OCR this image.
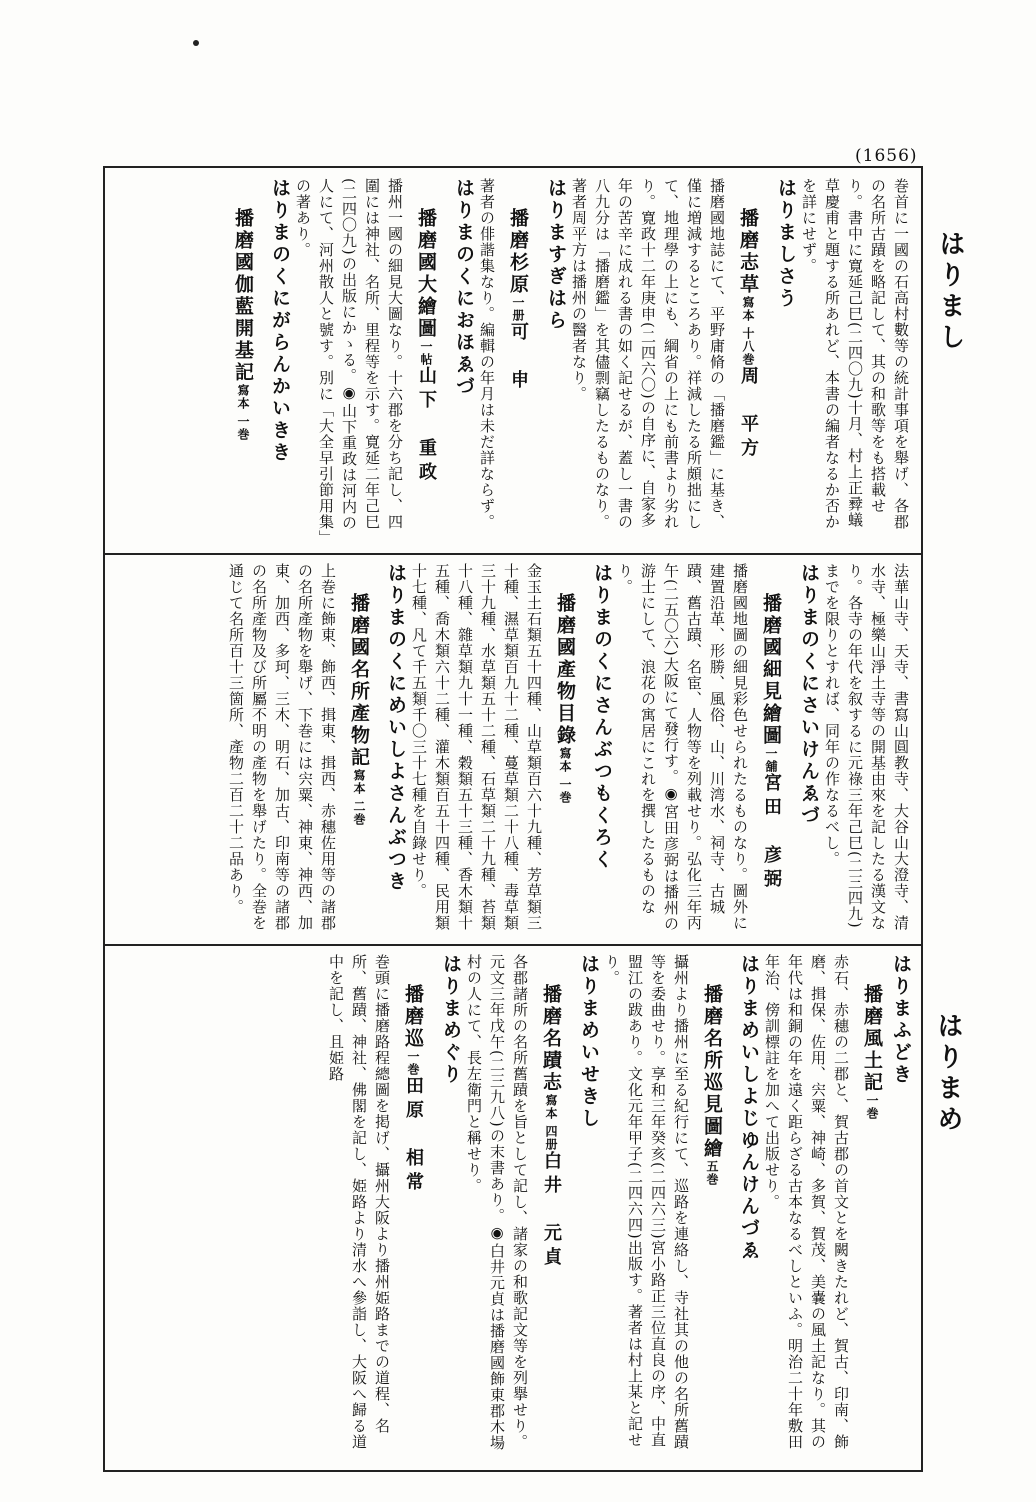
(1656)
はりまし
はりまめ
巻首に一國の石高村數等の統計事項を舉げ、各郡の名所古蹟を略記して、其の和歌等をも搭載せり。書中に寛延己巳(二四〇九)十月、村上正彛蟻草慶甫と題する所あれど、本書の編者なるか否かを詳にせず。
はりましさう
播磨志草寫本 十八巻周　平方
播磨國地誌にて、平野庸脩の「播磨鑑」に基き、僅に増減するところあり。祥減したる所頗拙にして、地理學の上にも、綱省の上にも前書より劣れり。寛政十二年庚申(二四六〇)の自序に、自家多年の苦辛に成れる書の如く記せるが、蓋し一書の八九分は「播磨鑑」を其儘剽竊したるものなり。著者周平方は播州の醫者なり。
はりますぎはら
播磨杉原一册可　申
著者の俳諧集なり。編輯の年月は未だ詳ならず。
はりまのくにおほゑづ
播磨國大繪圖一帖山下　重政
播州一國の細見大圖なり。十六郡を分ち記し、四圍には神社、名所、里程等を示す。寛延二年己巳(二四〇九)の出版にかゝる。◉山下重政は河内の人にて、河州散人と號す。別に「大全早引節用集」の著あり。
はりまのくにがらんかいきき
播磨國伽藍開基記寫本 一巻
法華山寺、天寺、書寫山圓教寺、大谷山大澄寺、清水寺、極樂山淨土寺等の開基由來を記したる漢文なり。各寺の年代を叙するに元祿三年己巳(二三四九)までを限りとすれば、同年の作なるべし。
はりまのくにさいけんゑづ
播磨國細見繪圖一舖宮田　彦弼
播磨國地圖の細見彩色せられたるものなり。圖外に建置沿革、形勝、風俗、山、川湾水、祠寺、古城蹟、舊古蹟、名宦、人物等を列載せり。弘化三年丙午(二五〇六)大阪にて發行す。◉宮田彦弼は播州の游士にして、浪花の寓居にこれを撰したるものなり。
はりまのくにさんぶつもくろく
播磨國產物目錄寫本 一巻
金玉土石類五十四種、山草類百六十九種、芳草類三十種、濕草類百九十二種、蔓草類二十八種、毒草類三十九種、水草類五十二種、石草類二十九種、苔類十八種、雜草類九十一種、穀類五十三種、香木類十五種、喬木類六十二種、灌木類百五十四種、民用類十七種、凡て千五類千〇三十七種を自錄せり。
はりまのくにめいしよさんぶつき
播磨國名所產物記寫本 二巻
上巻に飾東、飾西、揖東、揖西、赤穗佐用等の諸郡の名所產物を舉げ、下巻には宍粟、神東、神西、加東、加西、多珂、三木、明石、加古、印南等の諸郡の名所產物及び所屬不明の產物を舉げたり。全巻を通じて名所百十三箇所、產物二百二十二品あり。
はりまふどき
播磨風土記一巻
赤石、赤穗の二郡と、賀古郡の首文とを闕きたれど、賀古、印南、飾磨、揖保、佐用、宍粟、神崎、多賀、賀茂、美嚢の風土記なり。其の年代は和銅の年を遠く距らざる古本なるべしといふ。明治二十年敷田年治、傍訓標註を加へて出版せり。
はりまめいしよじゆんけんづゑ
播磨名所巡見圖繪五巻
攝州より播州に至る紀行にて、巡路を連絡し、寺社其の他の名所舊蹟等を委曲せり。享和三年癸亥(二四六三)宮小路正三位直良の序、中直盟江の跋あり。文化元年甲子(二四六四)出版す。著者は村上某と記せり。
はりまめいせきし
播磨名蹟志寫本 四册白井　元貞
各郡諸所の名所舊蹟を旨として記し、諸家の和歌記文等を列擧せり。元文三年戊午(二三九八)の末書あり。◉白井元貞は播磨國飾東郡木場村の人にて、長左衛門と稱せり。
はりまめぐり
播磨巡一巻田原　相常
巻頭に播磨路程總圖を掲げ、攝州大阪より播州姫路までの道程、名所、舊蹟、神社、佛閣を記し、姫路より清水へ參詣し、大阪へ歸る道中を記し、且姫路
